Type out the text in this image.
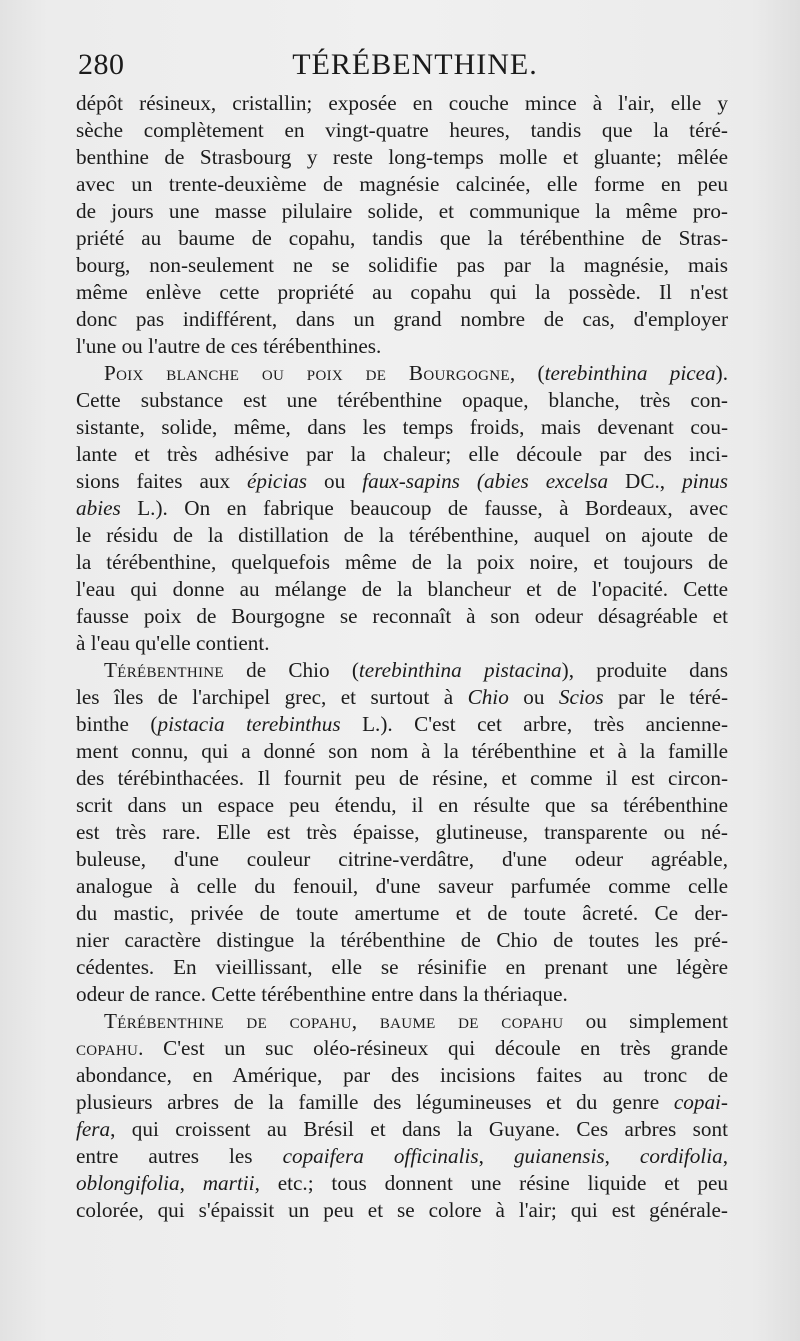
280	TÉRÉBENTHINE.
dépôt résineux, cristallin; exposée en couche mince à l'air, elle y
sèche complètement en vingt-quatre heures, tandis que la téré-
benthine de Strasbourg y reste long-temps molle et gluante; mêlée
avec un trente-deuxième de magnésie calcinée, elle forme en peu
de jours une masse pilulaire solide, et communique la même pro-
priété au baume de copahu, tandis que la térébenthine de Stras-
bourg, non-seulement ne se solidifie pas par la magnésie, mais
même enlève cette propriété au copahu qui la possède. Il n'est
donc pas indifférent, dans un grand nombre de cas, d'employer
l'une ou l'autre de ces térébenthines.
Poix blanche ou poix de Bourgogne, (terebinthina picea).
Cette substance est une térébenthine opaque, blanche, très con-
sistante, solide, même, dans les temps froids, mais devenant cou-
lante et très adhésive par la chaleur; elle découle par des inci-
sions faites aux épicias ou faux-sapins (abies excelsa DC., pinus
abies L.). On en fabrique beaucoup de fausse, à Bordeaux, avec
le résidu de la distillation de la térébenthine, auquel on ajoute de
la térébenthine, quelquefois même de la poix noire, et toujours de
l'eau qui donne au mélange de la blancheur et de l'opacité. Cette
fausse poix de Bourgogne se reconnaît à son odeur désagréable et
à l'eau qu'elle contient.
Térébenthine de Chio (terebinthina pistacina), produite dans
les îles de l'archipel grec, et surtout à Chio ou Scios par le téré-
binthe (pistacia terebinthus L.). C'est cet arbre, très ancienne-
ment connu, qui a donné son nom à la térébenthine et à la famille
des térébinthacées. Il fournit peu de résine, et comme il est circon-
scrit dans un espace peu étendu, il en résulte que sa térébenthine
est très rare. Elle est très épaisse, glutineuse, transparente ou né-
buleuse, d'une couleur citrine-verdâtre, d'une odeur agréable,
analogue à celle du fenouil, d'une saveur parfumée comme celle
du mastic, privée de toute amertume et de toute âcreté. Ce der-
nier caractère distingue la térébenthine de Chio de toutes les pré-
cédentes. En vieillissant, elle se résinifie en prenant une légère
odeur de rance. Cette térébenthine entre dans la thériaque.
Térébenthine de copahu, baume de copahu ou simplement
copahu. C'est un suc oléo-résineux qui découle en très grande
abondance, en Amérique, par des incisions faites au tronc de
plusieurs arbres de la famille des légumineuses et du genre copai-
fera, qui croissent au Brésil et dans la Guyane. Ces arbres sont
entre autres les copaifera officinalis, guianensis, cordifolia,
oblongifolia, martii, etc.; tous donnent une résine liquide et peu
colorée, qui s'épaissit un peu et se colore à l'air; qui est générale-
